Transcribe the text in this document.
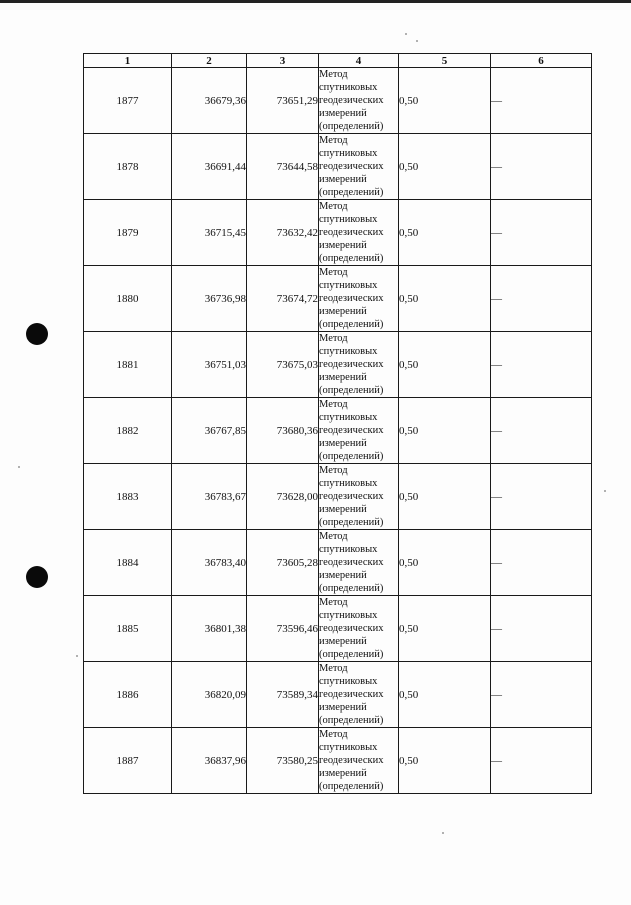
1	2	3	4	5	6
1877	36679,36	73651,29	Метод
спутниковых
геодезических
измерений
(определений)	0,50	—
1878	36691,44	73644,58	Метод
спутниковых
геодезических
измерений
(определений)	0,50	—
1879	36715,45	73632,42	Метод
спутниковых
геодезических
измерений
(определений)	0,50	—
1880	36736,98	73674,72	Метод
спутниковых
геодезических
измерений
(определений)	0,50	—
1881	36751,03	73675,03	Метод
спутниковых
геодезических
измерений
(определений)	0,50	—
1882	36767,85	73680,36	Метод
спутниковых
геодезических
измерений
(определений)	0,50	—
1883	36783,67	73628,00	Метод
спутниковых
геодезических
измерений
(определений)	0,50	—
1884	36783,40	73605,28	Метод
спутниковых
геодезических
измерений
(определений)	0,50	—
1885	36801,38	73596,46	Метод
спутниковых
геодезических
измерений
(определений)	0,50	—
1886	36820,09	73589,34	Метод
спутниковых
геодезических
измерений
(определений)	0,50	—
1887	36837,96	73580,25	Метод
спутниковых
геодезических
измерений
(определений)	0,50	—
